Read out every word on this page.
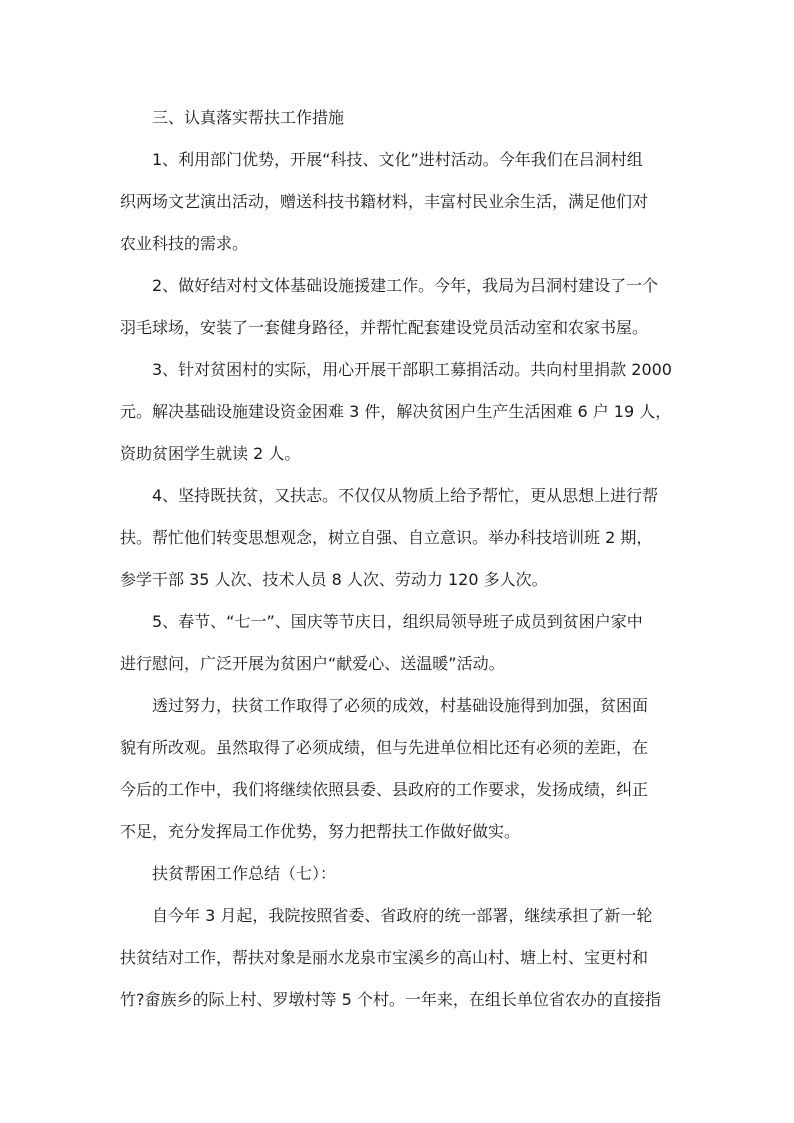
三、认真落实帮扶工作措施
1、利用部门优势，开展“科技、文化”进村活动。今年我们在吕洞村组
织两场文艺演出活动，赠送科技书籍材料，丰富村民业余生活，满足他们对
农业科技的需求。
2、做好结对村文体基础设施援建工作。今年，我局为吕洞村建设了一个
羽毛球场，安装了一套健身路径，并帮忙配套建设党员活动室和农家书屋。
3、针对贫困村的实际，用心开展干部职工募捐活动。共向村里捐款 2000
元。解决基础设施建设资金困难 3 件，解决贫困户生产生活困难 6 户 19 人，
资助贫困学生就读 2 人。
4、坚持既扶贫，又扶志。不仅仅从物质上给予帮忙，更从思想上进行帮
扶。帮忙他们转变思想观念，树立自强、自立意识。举办科技培训班 2 期，
参学干部 35 人次、技术人员 8 人次、劳动力 120 多人次。
5、春节、“七一”、国庆等节庆日，组织局领导班子成员到贫困户家中
进行慰问，广泛开展为贫困户“献爱心、送温暖”活动。
透过努力，扶贫工作取得了必须的成效，村基础设施得到加强，贫困面
貌有所改观。虽然取得了必须成绩，但与先进单位相比还有必须的差距，在
今后的工作中，我们将继续依照县委、县政府的工作要求，发扬成绩，纠正
不足，充分发挥局工作优势，努力把帮扶工作做好做实。
扶贫帮困工作总结（七）：
自今年 3 月起，我院按照省委、省政府的统一部署，继续承担了新一轮
扶贫结对工作，帮扶对象是丽水龙泉市宝溪乡的高山村、塘上村、宝更村和
竹?畲族乡的际上村、罗墩村等 5 个村。一年来，在组长单位省农办的直接指
